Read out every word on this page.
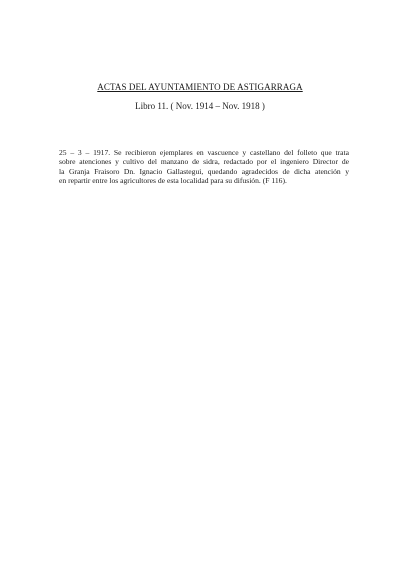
ACTAS DEL AYUNTAMIENTO DE ASTIGARRAGA
Libro 11. ( Nov. 1914 – Nov. 1918 )
25 – 3 – 1917. Se recibieron ejemplares en vascuence y castellano del folleto que trata
sobre atenciones y cultivo del manzano de sidra, redactado por el ingeniero Director de
la Granja Fraisoro Dn. Ignacio Gallastegui, quedando agradecidos de dicha atención y
en repartir entre los agricultores de esta localidad para su difusión. (F 116).
